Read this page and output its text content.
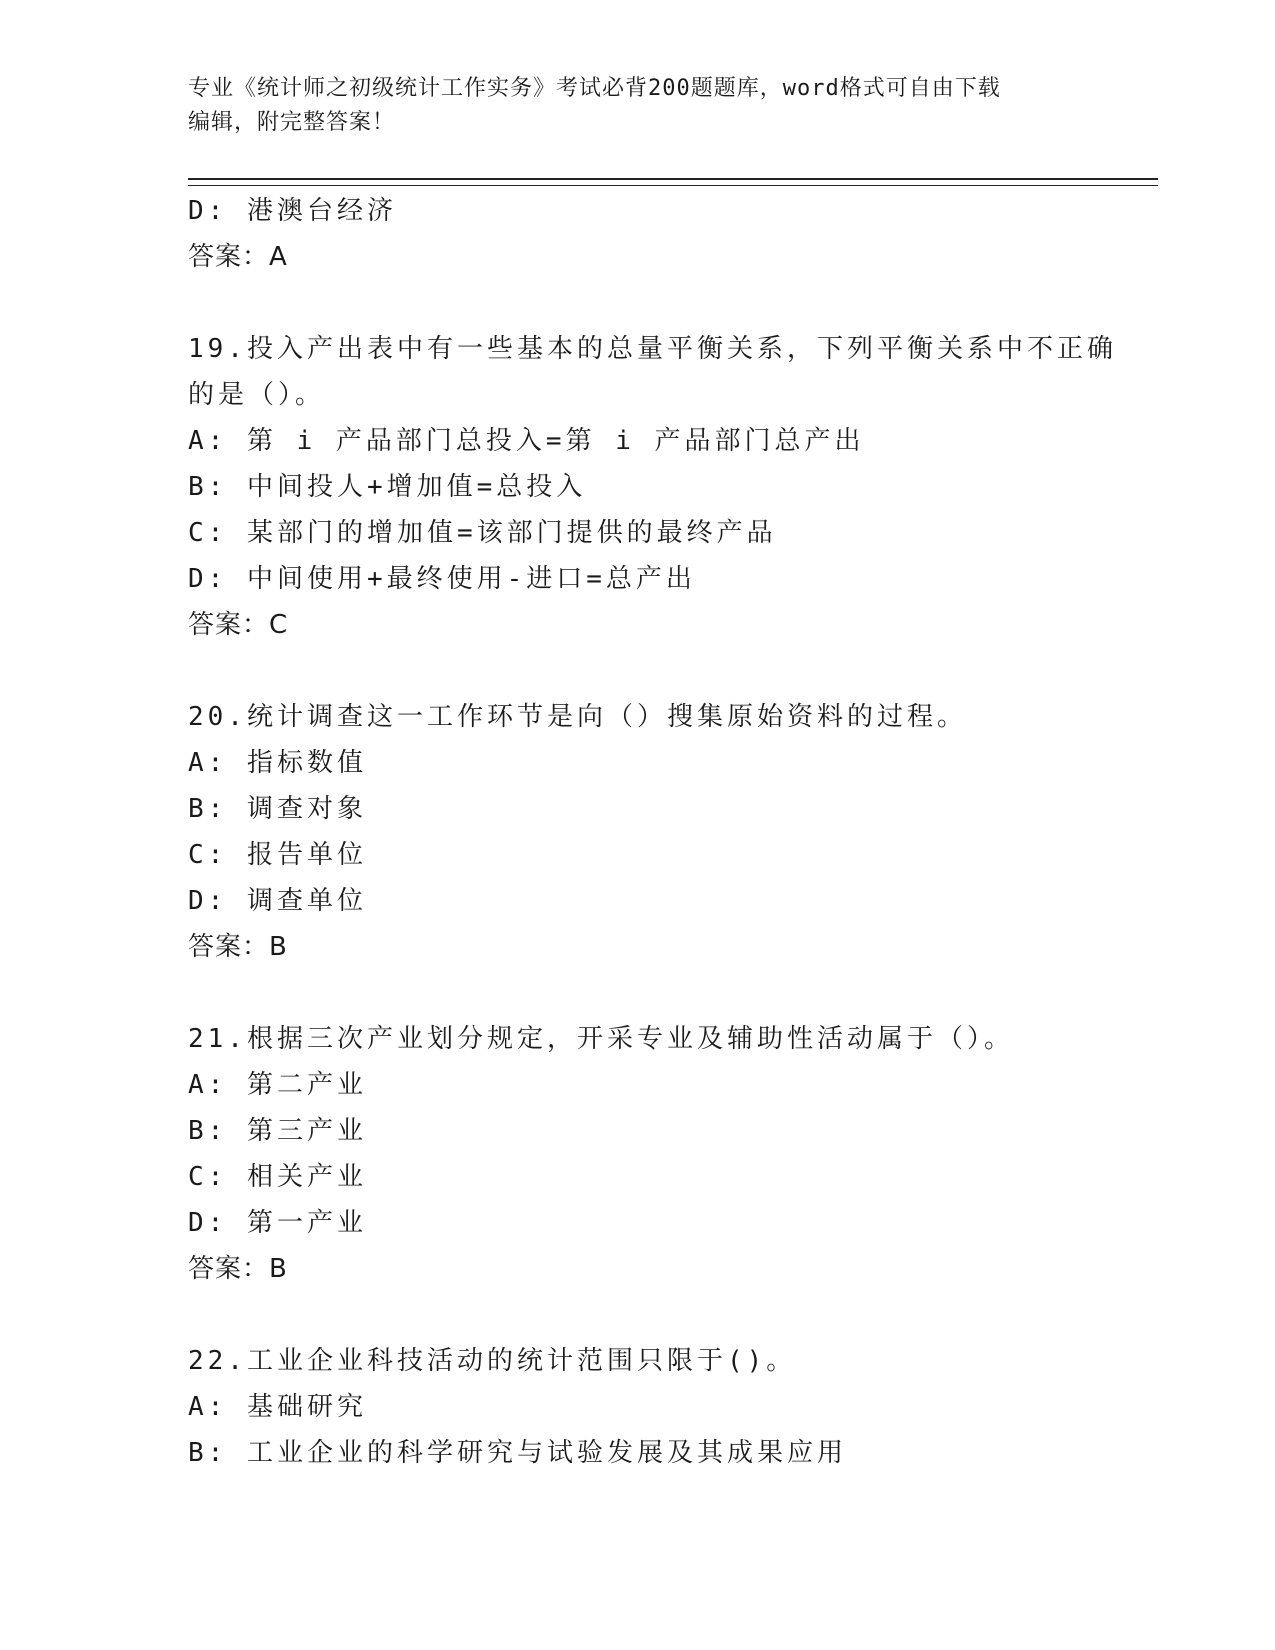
专业《统计师之初级统计工作实务》考试必背200题题库，word格式可自由下载
编辑，附完整答案！
D: 港澳台经济
答案：A
19.投入产出表中有一些基本的总量平衡关系，下列平衡关系中不正确
的是（）。
A: 第 i 产品部门总投入=第 i 产品部门总产出
B: 中间投人+增加值=总投入
C: 某部门的增加值=该部门提供的最终产品
D: 中间使用+最终使用-进口=总产出
答案：C
20.统计调查这一工作环节是向（）搜集原始资料的过程。
A: 指标数值
B: 调查对象
C: 报告单位
D: 调查单位
答案：B
21.根据三次产业划分规定，开采专业及辅助性活动属于（）。
A: 第二产业
B: 第三产业
C: 相关产业
D: 第一产业
答案：B
22.工业企业科技活动的统计范围只限于()。
A: 基础研究
B: 工业企业的科学研究与试验发展及其成果应用
